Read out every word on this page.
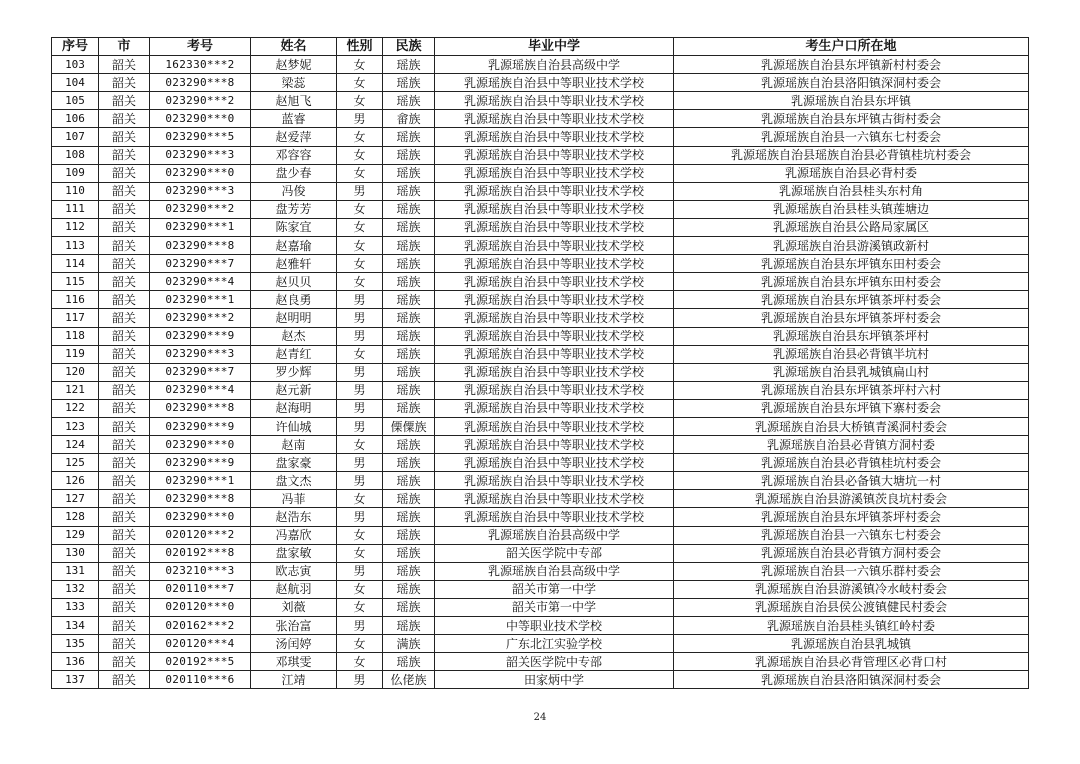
序号	市	考号	姓名	性别	民族	毕业中学	考生户口所在地
103	韶关	162330***2	赵梦妮	女	瑶族	乳源瑶族自治县高级中学	乳源瑶族自治县东坪镇新村村委会
104	韶关	023290***8	梁蕊	女	瑶族	乳源瑶族自治县中等职业技术学校	乳源瑶族自治县洛阳镇深洞村委会
105	韶关	023290***2	赵旭飞	女	瑶族	乳源瑶族自治县中等职业技术学校	乳源瑶族自治县东坪镇
106	韶关	023290***0	蓝睿	男	畲族	乳源瑶族自治县中等职业技术学校	乳源瑶族自治县东坪镇古街村委会
107	韶关	023290***5	赵爱萍	女	瑶族	乳源瑶族自治县中等职业技术学校	乳源瑶族自治县一六镇东七村委会
108	韶关	023290***3	邓容容	女	瑶族	乳源瑶族自治县中等职业技术学校	乳源瑶族自治县瑶族自治县必背镇桂坑村委会
109	韶关	023290***0	盘少春	女	瑶族	乳源瑶族自治县中等职业技术学校	乳源瑶族自治县必背村委
110	韶关	023290***3	冯俊	男	瑶族	乳源瑶族自治县中等职业技术学校	乳源瑶族自治县桂头东村角
111	韶关	023290***2	盘芳芳	女	瑶族	乳源瑶族自治县中等职业技术学校	乳源瑶族自治县桂头镇莲塘边
112	韶关	023290***1	陈家宜	女	瑶族	乳源瑶族自治县中等职业技术学校	乳源瑶族自治县公路局家属区
113	韶关	023290***8	赵嘉瑜	女	瑶族	乳源瑶族自治县中等职业技术学校	乳源瑶族自治县游溪镇政新村
114	韶关	023290***7	赵雅轩	女	瑶族	乳源瑶族自治县中等职业技术学校	乳源瑶族自治县东坪镇东田村委会
115	韶关	023290***4	赵贝贝	女	瑶族	乳源瑶族自治县中等职业技术学校	乳源瑶族自治县东坪镇东田村委会
116	韶关	023290***1	赵良勇	男	瑶族	乳源瑶族自治县中等职业技术学校	乳源瑶族自治县东坪镇茶坪村委会
117	韶关	023290***2	赵明明	男	瑶族	乳源瑶族自治县中等职业技术学校	乳源瑶族自治县东坪镇茶坪村委会
118	韶关	023290***9	赵杰	男	瑶族	乳源瑶族自治县中等职业技术学校	乳源瑶族自治县东坪镇茶坪村
119	韶关	023290***3	赵青红	女	瑶族	乳源瑶族自治县中等职业技术学校	乳源瑶族自治县必背镇半坑村
120	韶关	023290***7	罗少辉	男	瑶族	乳源瑶族自治县中等职业技术学校	乳源瑶族自治县乳城镇扁山村
121	韶关	023290***4	赵元新	男	瑶族	乳源瑶族自治县中等职业技术学校	乳源瑶族自治县东坪镇茶坪村六村
122	韶关	023290***8	赵海明	男	瑶族	乳源瑶族自治县中等职业技术学校	乳源瑶族自治县东坪镇下寨村委会
123	韶关	023290***9	许仙城	男	傈僳族	乳源瑶族自治县中等职业技术学校	乳源瑶族自治县大桥镇青溪洞村委会
124	韶关	023290***0	赵南	女	瑶族	乳源瑶族自治县中等职业技术学校	乳源瑶族自治县必背镇方洞村委
125	韶关	023290***9	盘家豪	男	瑶族	乳源瑶族自治县中等职业技术学校	乳源瑶族自治县必背镇桂坑村委会
126	韶关	023290***1	盘文杰	男	瑶族	乳源瑶族自治县中等职业技术学校	乳源瑶族自治县必备镇大塘坑一村
127	韶关	023290***8	冯菲	女	瑶族	乳源瑶族自治县中等职业技术学校	乳源瑶族自治县游溪镇茨良坑村委会
128	韶关	023290***0	赵浩东	男	瑶族	乳源瑶族自治县中等职业技术学校	乳源瑶族自治县东坪镇茶坪村委会
129	韶关	020120***2	冯嘉欣	女	瑶族	乳源瑶族自治县高级中学	乳源瑶族自治县一六镇东七村委会
130	韶关	020192***8	盘家敏	女	瑶族	韶关医学院中专部	乳源瑶族自治县必背镇方洞村委会
131	韶关	023210***3	欧志寅	男	瑶族	乳源瑶族自治县高级中学	乳源瑶族自治县一六镇乐群村委会
132	韶关	020110***7	赵航羽	女	瑶族	韶关市第一中学	乳源瑶族自治县游溪镇冷水岐村委会
133	韶关	020120***0	刘薇	女	瑶族	韶关市第一中学	乳源瑶族自治县侯公渡镇健民村委会
134	韶关	020162***2	张治富	男	瑶族	中等职业技术学校	乳源瑶族自治县桂头镇红岭村委
135	韶关	020120***4	汤闰婷	女	满族	广东北江实验学校	乳源瑶族自治县乳城镇
136	韶关	020192***5	邓琪雯	女	瑶族	韶关医学院中专部	乳源瑶族自治县必背管理区必背口村
137	韶关	020110***6	江靖	男	仫佬族	田家炳中学	乳源瑶族自治县洛阳镇深洞村委会
24
